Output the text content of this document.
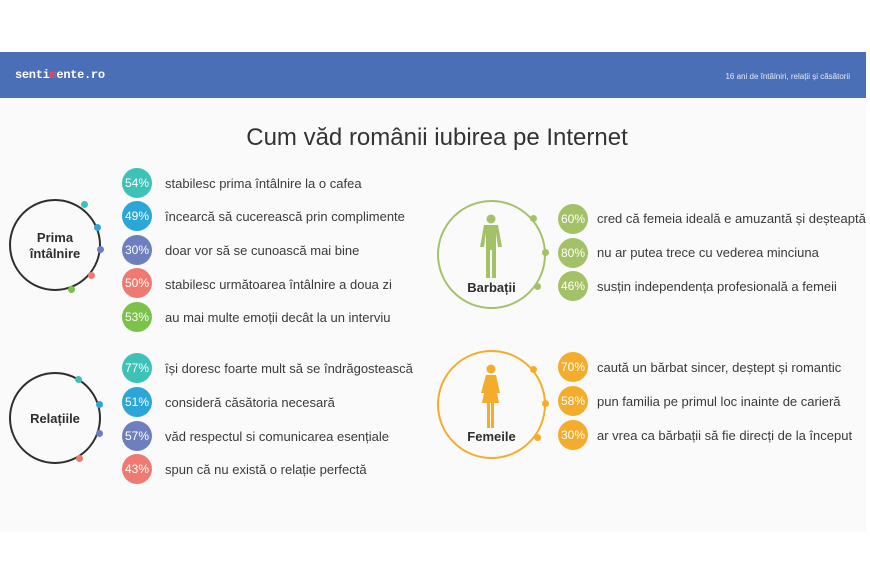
sentimente.ro	16 ani de întâlniri, relații și căsătorii
Cum văd românii iubirea pe Internet
Prima
întâlnire
54% stabilesc prima întâlnire la o cafea
49% încearcă să cucerească prin complimente
30% doar vor să se cunoască mai bine
50% stabilesc următoarea întâlnire a doua zi
53% au mai multe emoții decât la un interviu
Relațiile
77% își doresc foarte mult să se îndrăgostească
51% consideră căsătoria necesară
57% văd respectul si comunicarea esențiale
43% spun că nu există o relație perfectă
Barbații
60% cred că femeia ideală e amuzantă și deșteaptă
80% nu ar putea trece cu vederea minciuna
46% susțin independența profesională a femeii
Femeile
70% caută un bărbat sincer, deștept și romantic
58% pun familia pe primul loc inainte de carieră
30% ar vrea ca bărbații să fie direcți de la început
